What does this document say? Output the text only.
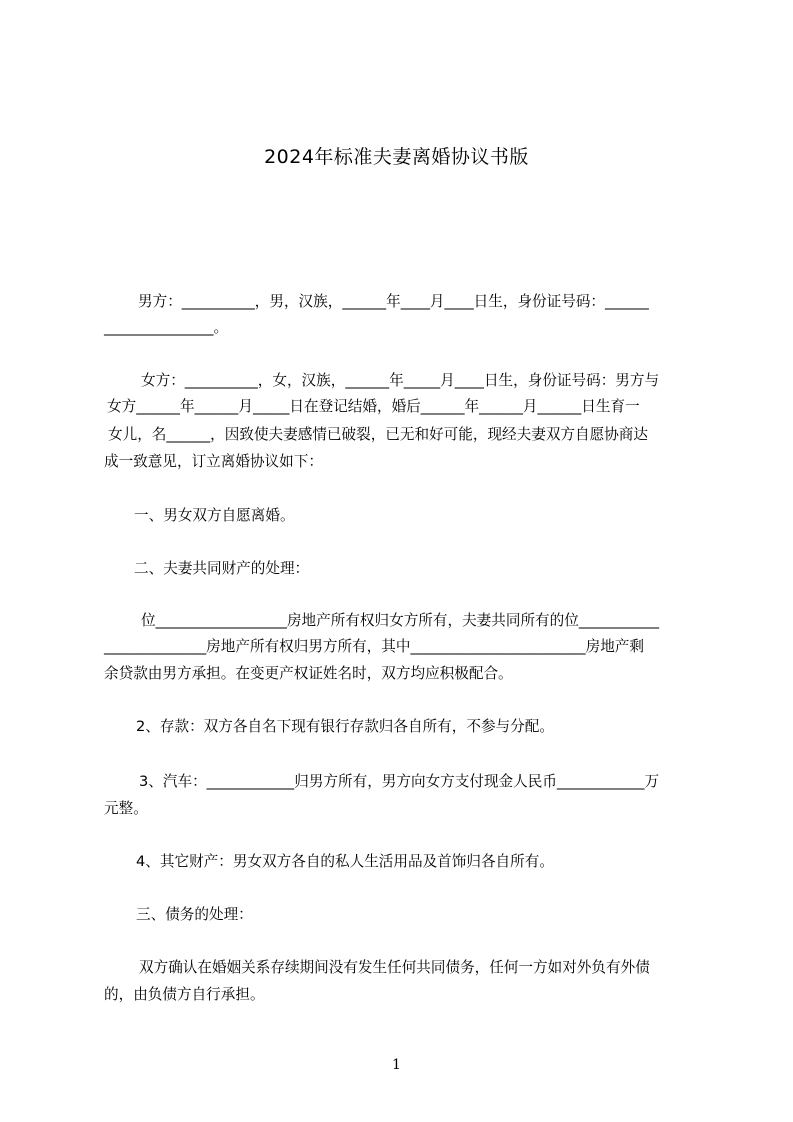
2024年标准夫妻离婚协议书版
男方：__________，男，汉族，______年____月____日生，身份证号码：______
_______________。
女方：__________，女，汉族，______年_____月____日生，身份证号码：男方与
女方______年______月_____日在登记结婚，婚后______年______月______日生育一
女儿，名______，因致使夫妻感情已破裂，已无和好可能，现经夫妻双方自愿协商达
成一致意见，订立离婚协议如下：
一、男女双方自愿离婚。
二、夫妻共同财产的处理：
位__________________房地产所有权归女方所有，夫妻共同所有的位___________
______________房地产所有权归男方所有，其中________________________房地产剩
余贷款由男方承担。在变更产权证姓名时，双方均应积极配合。
2、存款：双方各自名下现有银行存款归各自所有，不参与分配。
3、汽车：____________归男方所有，男方向女方支付现金人民币____________万
元整。
4、其它财产：男女双方各自的私人生活用品及首饰归各自所有。
三、债务的处理：
双方确认在婚姻关系存续期间没有发生任何共同债务，任何一方如对外负有外债
的，由负债方自行承担。
1
